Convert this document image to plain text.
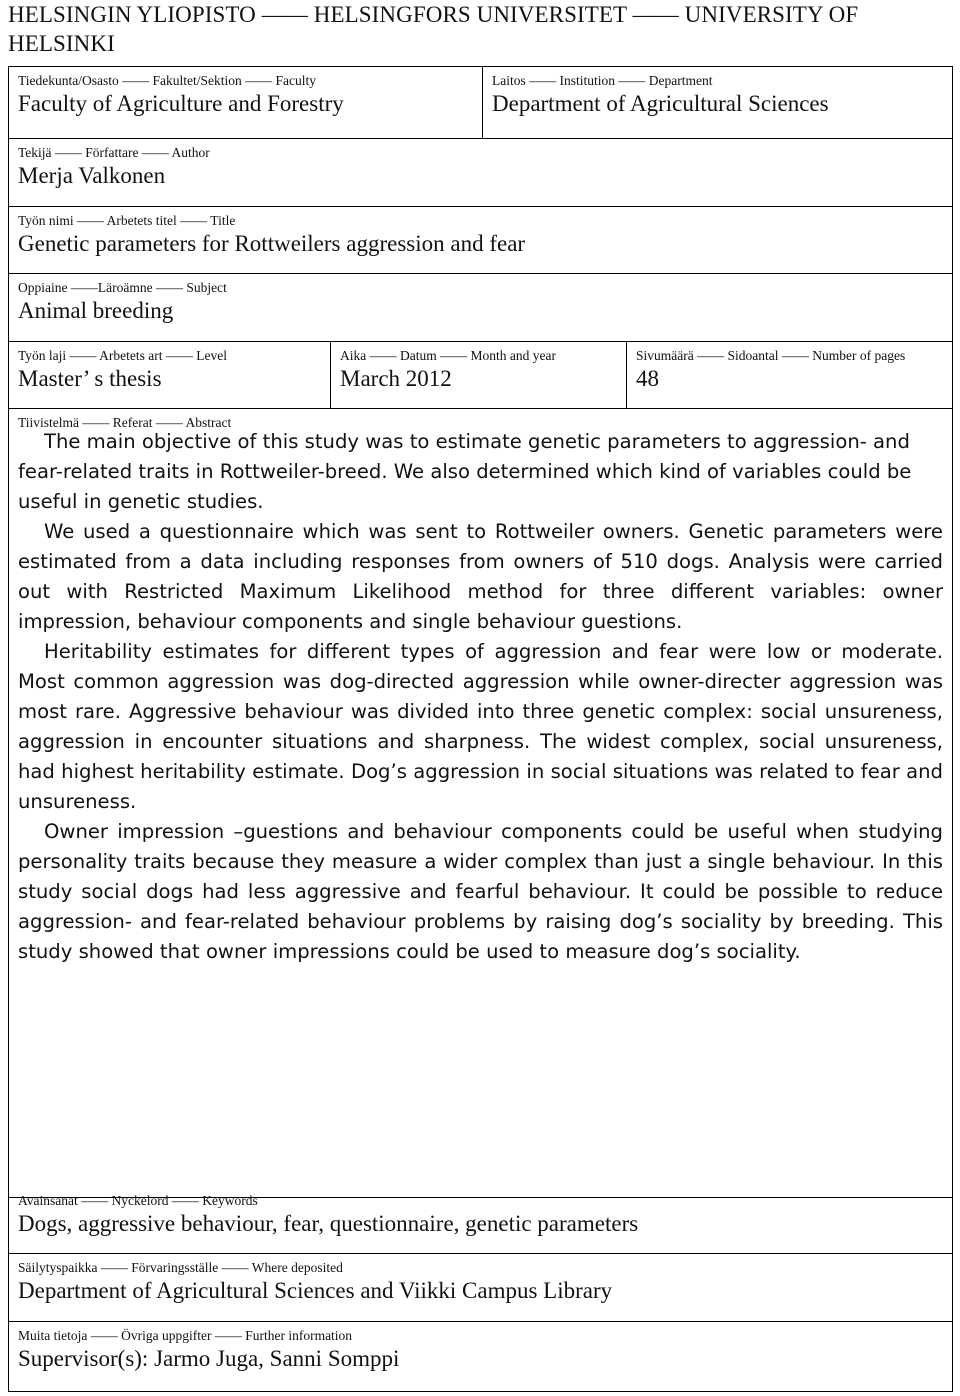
HELSINGIN YLIOPISTO —— HELSINGFORS UNIVERSITET —— UNIVERSITY OF HELSINKI
Tiedekunta/Osasto —— Fakultet/Sektion —— Faculty
Faculty of Agriculture and Forestry
Laitos —— Institution —— Department
Department of Agricultural Sciences
Tekijä —— Författare —— Author
Merja Valkonen
Työn nimi —— Arbetets titel —— Title
Genetic parameters for Rottweilers aggression and fear
Oppiaine ——Läroämne —— Subject
Animal breeding
Työn laji —— Arbetets art —— Level
Master’ s thesis
Aika —— Datum —— Month and year
March 2012
Sivumäärä —— Sidoantal —— Number of pages
48
Tiivistelmä —— Referat —— Abstract

The main objective of this study was to estimate genetic parameters to aggression- and fear-related traits in Rottweiler-breed. We also determined which kind of variables could be useful in genetic studies.

We used a questionnaire which was sent to Rottweiler owners. Genetic parameters were estimated from a data including responses from owners of 510 dogs. Analysis were carried out with Restricted Maximum Likelihood method for three different variables: owner impression, behaviour components and single behaviour guestions.

Heritability estimates for different types of aggression and fear were low or moderate. Most common aggression was dog-directed aggression while owner-directer aggression was most rare. Aggressive behaviour was divided into three genetic complex: social unsureness, aggression in encounter situations and sharpness. The widest complex, social unsureness, had highest heritability estimate. Dog’s aggression in social situations was related to fear and unsureness.

Owner impression –guestions and behaviour components could be useful when studying personality traits because they measure a wider complex than just a single behaviour. In this study social dogs had less aggressive and fearful behaviour. It could be possible to reduce aggression- and fear-related behaviour problems by raising dog’s sociality by breeding. This study showed that owner impressions could be used to measure dog’s sociality.

Avainsanat —— Nyckelord —— Keywords
Dogs, aggressive behaviour, fear, questionnaire, genetic parameters
Säilytyspaikka —— Förvaringsställe —— Where deposited
Department of Agricultural Sciences and Viikki Campus Library
Muita tietoja —— Övriga uppgifter —— Further information
Supervisor(s): Jarmo Juga, Sanni Somppi
